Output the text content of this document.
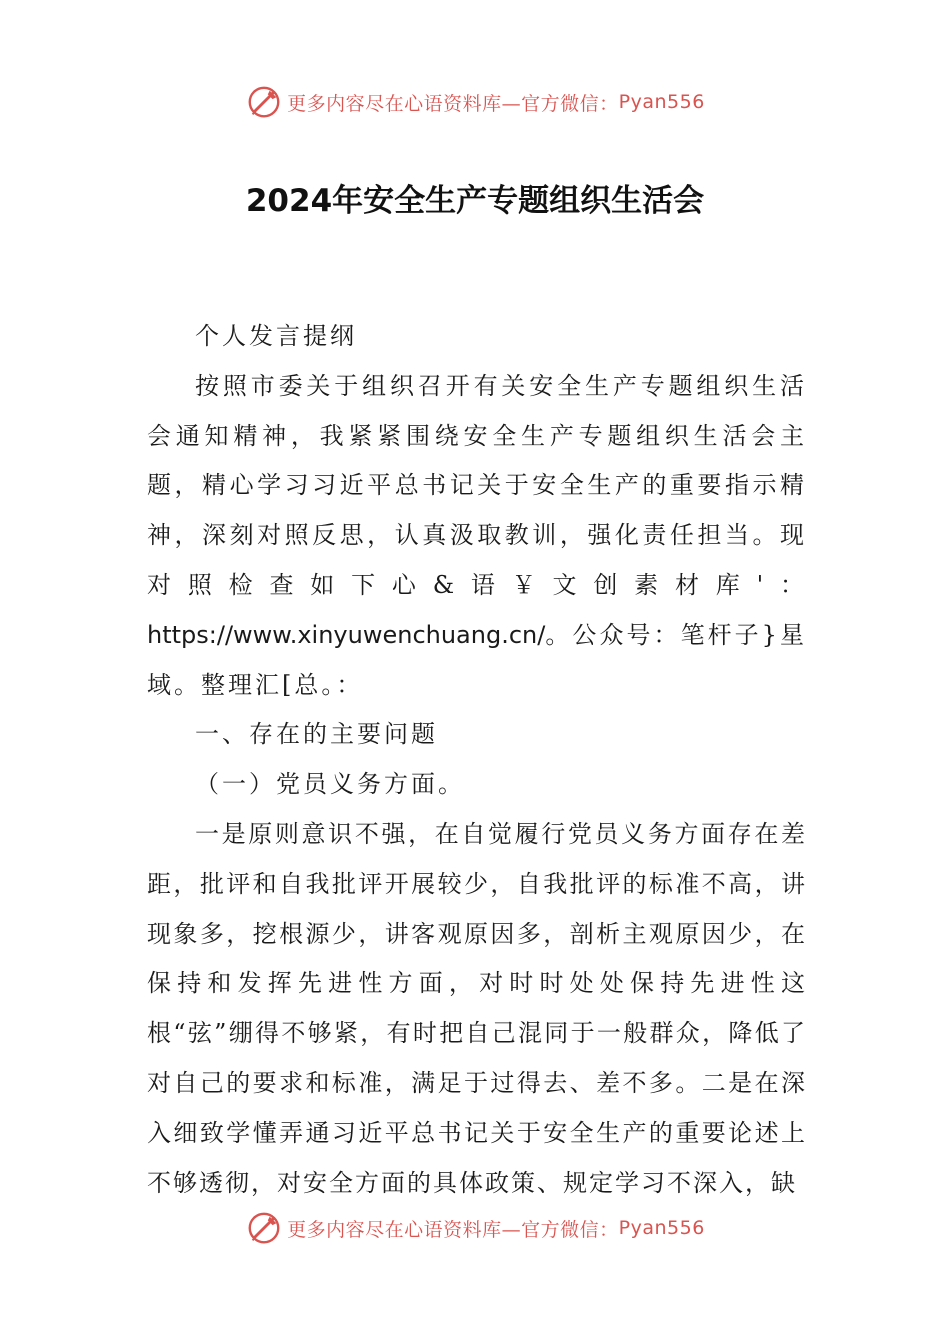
更多内容尽在心语资料库—官方微信： Pyan556
2024年安全生产专题组织生活会

个人发言提纲

按照市委关于组织召开有关安全生产专题组织生活会通知精神，我紧紧围绕安全生产专题组织生活会主题，精心学习习近平总书记关于安全生产的重要指示精神，深刻对照反思，认真汲取教训，强化责任担当。现对照检查如下心&语￥文创素材库'：https://www.xinyuwenchuang.cn/。公众号：笔杆子}星域。整理汇[总。：

一、存在的主要问题

（一）党员义务方面。

一是原则意识不强，在自觉履行党员义务方面存在差距，批评和自我批评开展较少，自我批评的标准不高，讲现象多，挖根源少，讲客观原因多，剖析主观原因少，在保持和发挥先进性方面，对时时处处保持先进性这根“弦”绷得不够紧，有时把自己混同于一般群众，降低了对自己的要求和标准，满足于过得去、差不多。二是在深入细致学懂弄通习近平总书记关于安全生产的重要论述上不够透彻，对安全方面的具体政策、规定学习不深入，缺

更多内容尽在心语资料库—官方微信： Pyan556
